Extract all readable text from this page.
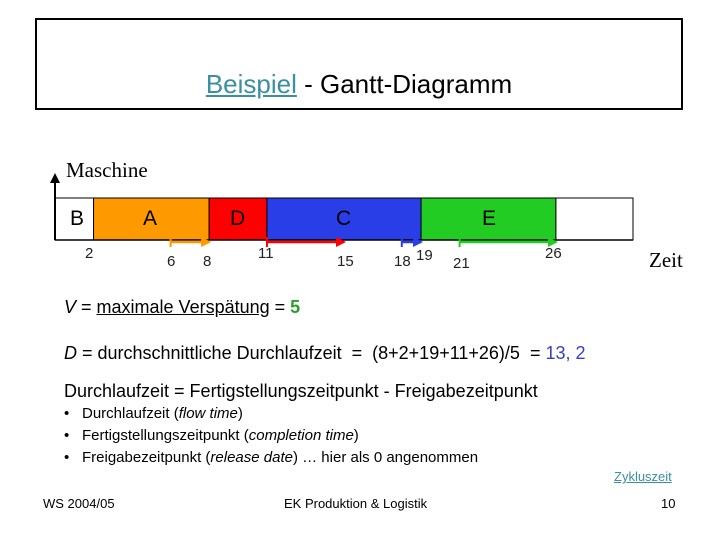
Beispiel - Gantt-Diagramm
Maschine
Zeit
B	A	D	C	E
2	6 8	11	15	18 19 21
26
V = maximale Verspätung = 5
D = durchschnittliche Durchlaufzeit  =  (8+2+19+11+26)/5  = 13, 2
Durchlaufzeit = Fertigstellungszeitpunkt - Freigabezeitpunkt
• Durchlaufzeit (flow time)
• Fertigstellungszeitpunkt (completion time)
• Freigabezeitpunkt (release date) … hier als 0 angenommen
WS 2004/05	EK Produktion & Logistik
Zykluszeit
10
